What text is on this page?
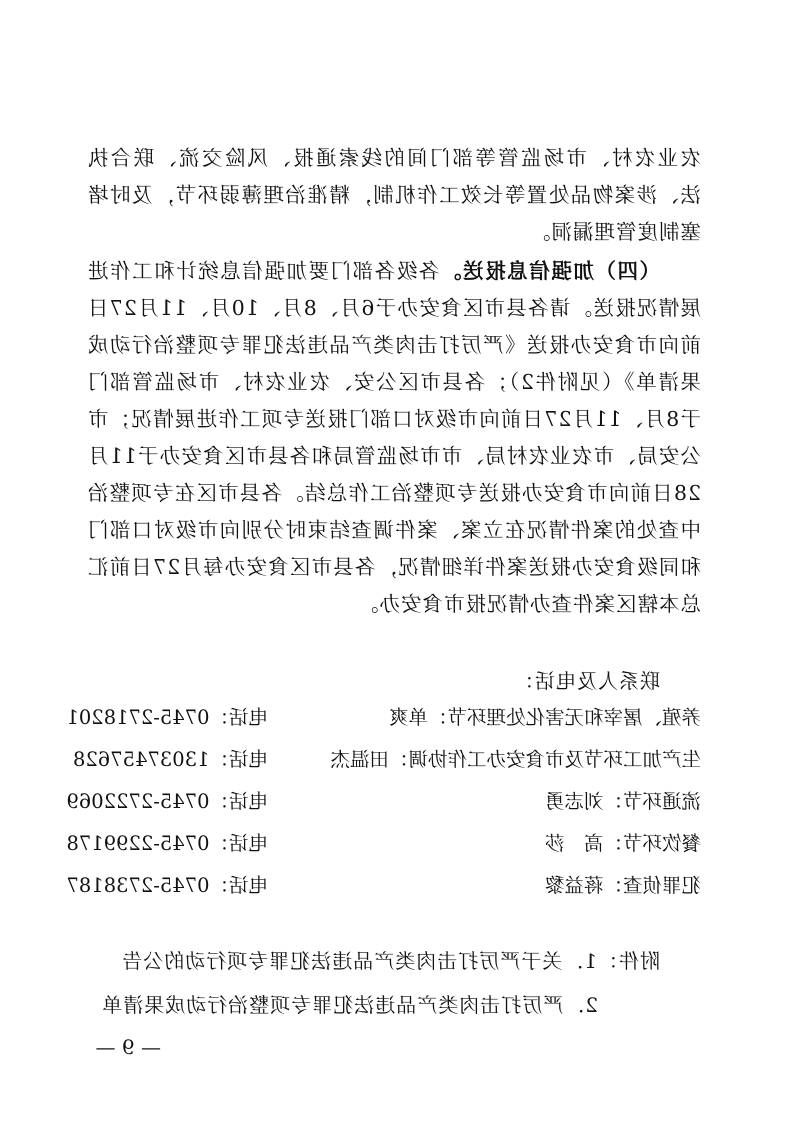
农业农村、市场监管等部门间的线索通报、风险交流、联合执法、涉案物品处置等长效工作机制，精准治理薄弱环节，及时堵塞制度管理漏洞。

（四）加强信息报送。各级各部门要加强信息统计和工作进展情况报送。请各县市区食安办于6月、8月、10月、11月27日前向市食安办报送《严厉打击肉类产品违法犯罪专项整治行动成果清单》（见附件2）；各县市区公安、农业农村、市场监管部门于8月、11月27日前向市级对口部门报送专项工作进展情况；市公安局、市农业农村局、市市场监管局和各县市区食安办于11月28日前向市食安办报送专项整治工作总结。各县市区在专项整治中查处的案件情况在立案、案件调查结束时分别向市级对口部门和同级食安办报送案件详细情况，各县市区食安办每月27日前汇总本辖区案件查办情况报市食安办。

联系人及电话：
养殖、屠宰和无害化处理环节：单爽
电话：0745-2718201
生产加工环节及市食安办工作协调：田温杰
电话：13037457628
流通环节：刘志勇
电话：0745-2722069
餐饮环节：高　莎
电话：0745-2299178
犯罪侦查：蒋益黎
电话：0745-2738187
附件：1．关于严厉打击肉类产品违法犯罪专项行动的公告
2．严厉打击肉类产品违法犯罪专项整治行动成果清单
— 9 —
